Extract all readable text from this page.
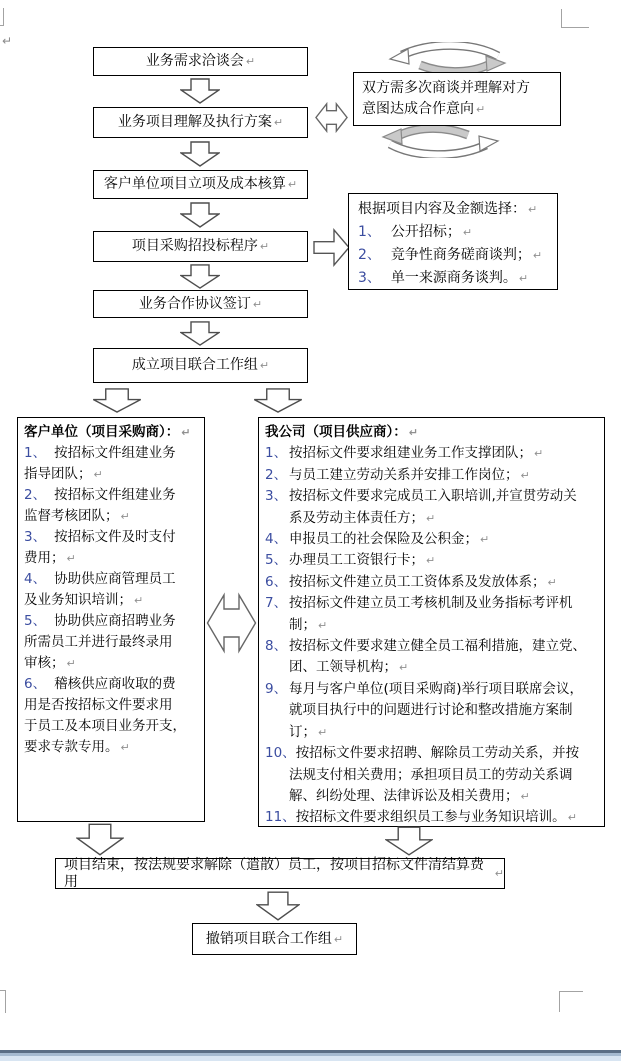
↵
业务需求洽谈会 ↵
业务项目理解及执行方案 ↵
客户单位项目立项及成本核算 ↵
项目采购招投标程序 ↵
业务合作协议签订 ↵
成立项目联合工作组 ↵
双方需多次商谈并理解对方
意图达成合作意向 ↵
根据项目内容及金额选择： ↵
1、 公开招标； ↵
2、 竞争性商务磋商谈判； ↵
3、 单一来源商务谈判。 ↵
客户单位（项目采购商）： ↵
1、 按招标文件组建业务
指导团队； ↵
2、 按招标文件组建业务
监督考核团队； ↵
3、 按招标文件及时支付
费用； ↵
4、 协助供应商管理员工
及业务知识培训； ↵
5、 协助供应商招聘业务
所需员工并进行最终录用
审核； ↵
6、 稽核供应商收取的费
用是否按招标文件要求用
于员工及本项目业务开支，
要求专款专用。 ↵
我公司（项目供应商）： ↵
1、 按招标文件要求组建业务工作支撑团队； ↵
2、 与员工建立劳动关系并安排工作岗位； ↵
3、 按招标文件要求完成员工入职培训,并宣贯劳动关
系及劳动主体责任方； ↵
4、 申报员工的社会保险及公积金； ↵
5、 办理员工工资银行卡； ↵
6、 按招标文件建立员工工资体系及发放体系； ↵
7、 按招标文件建立员工考核机制及业务指标考评机
制； ↵
8、 按招标文件要求建立健全员工福利措施，建立党、
团、工领导机构； ↵
9、 每月与客户单位(项目采购商)举行项目联席会议，
就项目执行中的问题进行讨论和整改措施方案制
订； ↵
10、按招标文件要求招聘、解除员工劳动关系，并按
法规支付相关费用；承担项目员工的劳动关系调
解、纠纷处理、法律诉讼及相关费用； ↵
11、按招标文件要求组织员工参与业务知识培训。 ↵
项目结束，按法规要求解除（遣散）员工，按项目招标文件清结算费用	↵
撤销项目联合工作组 ↵
